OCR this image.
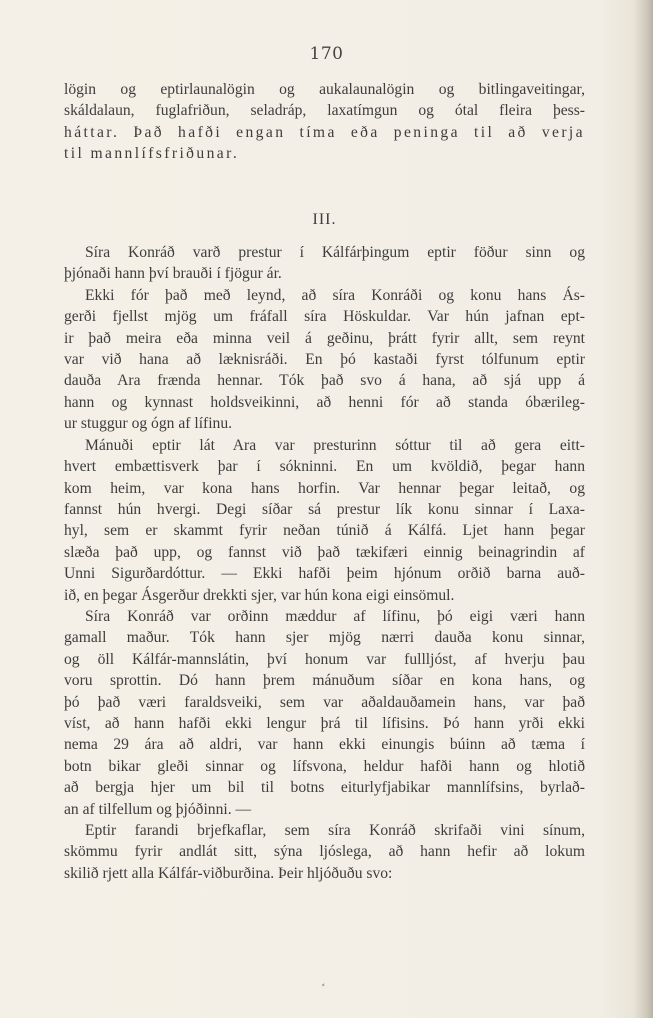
170
lögin og eptirlaunalögin og aukalaunalögin og bitlingaveitingar,
skáldalaun, fuglafriðun, seladráp, laxatímgun og ótal fleira þess-
háttar. Það hafði engan tíma eða peninga til að verja
til mannlífsfriðunar.
III.
Síra Konráð varð prestur í Kálfárþingum eptir föður sinn og
þjónaði hann því brauði í fjögur ár.
Ekki fór það með leynd, að síra Konráði og konu hans Ás-
gerði fjellst mjög um fráfall síra Höskuldar. Var hún jafnan ept-
ir það meira eða minna veil á geðinu, þrátt fyrir allt, sem reynt
var við hana að læknisráði. En þó kastaði fyrst tólfunum eptir
dauða Ara frænda hennar. Tók það svo á hana, að sjá upp á
hann og kynnast holdsveikinni, að henni fór að standa óbærileg-
ur stuggur og ógn af lífinu.
Mánuði eptir lát Ara var presturinn sóttur til að gera eitt-
hvert embættisverk þar í sókninni. En um kvöldið, þegar hann
kom heim, var kona hans horfin. Var hennar þegar leitað, og
fannst hún hvergi. Degi síðar sá prestur lík konu sinnar í Laxa-
hyl, sem er skammt fyrir neðan túnið á Kálfá. Ljet hann þegar
slæða það upp, og fannst við það tækifæri einnig beinagrindin af
Unni Sigurðardóttur. — Ekki hafði þeim hjónum orðið barna auð-
ið, en þegar Ásgerður drekkti sjer, var hún kona eigi einsömul.
Síra Konráð var orðinn mæddur af lífinu, þó eigi væri hann
gamall maður. Tók hann sjer mjög nærri dauða konu sinnar,
og öll Kálfár-mannslátin, því honum var fullljóst, af hverju þau
voru sprottin. Dó hann þrem mánuðum síðar en kona hans, og
þó það væri faraldsveiki, sem var aðaldauðamein hans, var það
víst, að hann hafði ekki lengur þrá til lífisins. Þó hann yrði ekki
nema 29 ára að aldri, var hann ekki einungis búinn að tæma í
botn bikar gleði sinnar og lífsvona, heldur hafði hann og hlotið
að bergja hjer um bil til botns eiturlyfjabikar mannlífsins, byrlað-
an af tilfellum og þjóðinni. —
Eptir farandi brjefkaflar, sem síra Konráð skrifaði vini sínum,
skömmu fyrir andlát sitt, sýna ljóslega, að hann hefir að lokum
skilið rjett alla Kálfár-viðburðina. Þeir hljóðuðu svo:
⸗
